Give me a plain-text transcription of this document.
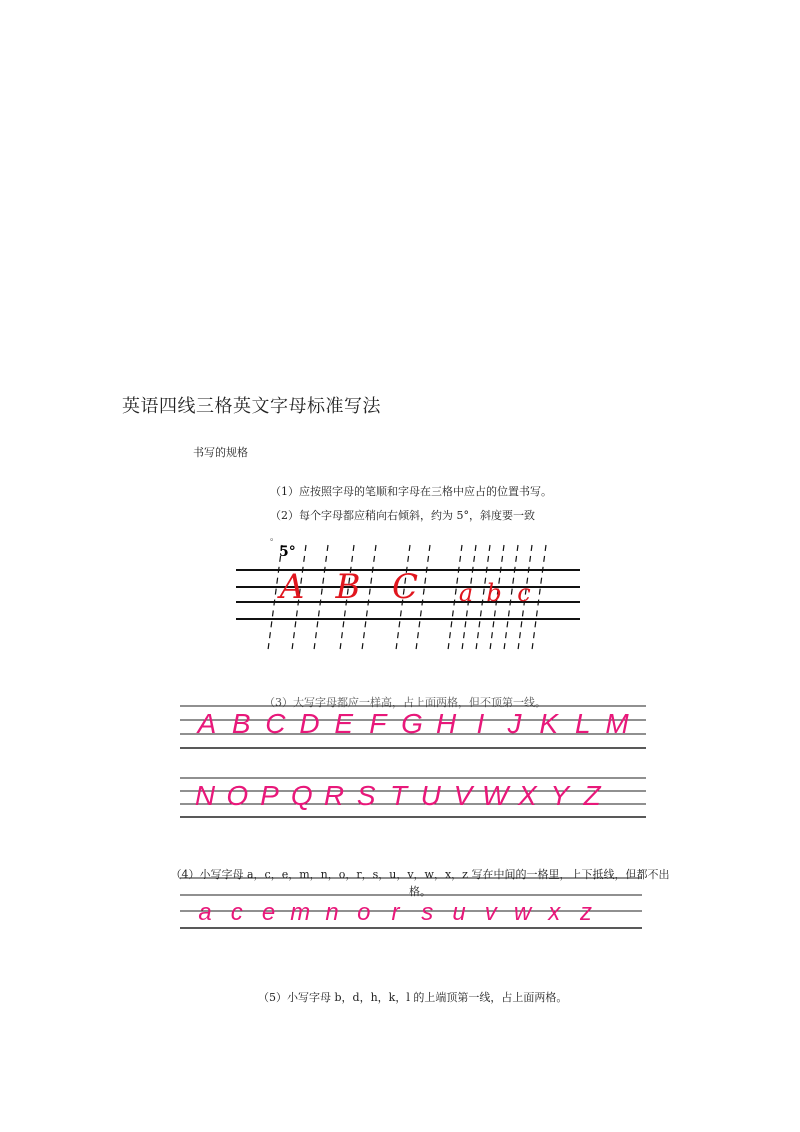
英语四线三格英文字母标准写法
书写的规格
（1）应按照字母的笔顺和字母在三格中应占的位置书写。
（2）每个字母都应稍向右倾斜，约为 5°，斜度要一致
A B C a b c
。
5°
（3）大写字母都应一样高，占上面两格，但不顶第一线。
A B C D E F G H I J K L M
N O P Q R S T U V W X Y Z
a c e m n o r s u v w x z
（4）小写字母 a，c，e，m，n，o，r，s，u，v，w，x，z 写在中间的一格里，上下抵线，但都不出格。
（5）小写字母 b，d，h，k，l 的上端顶第一线，占上面两格。
